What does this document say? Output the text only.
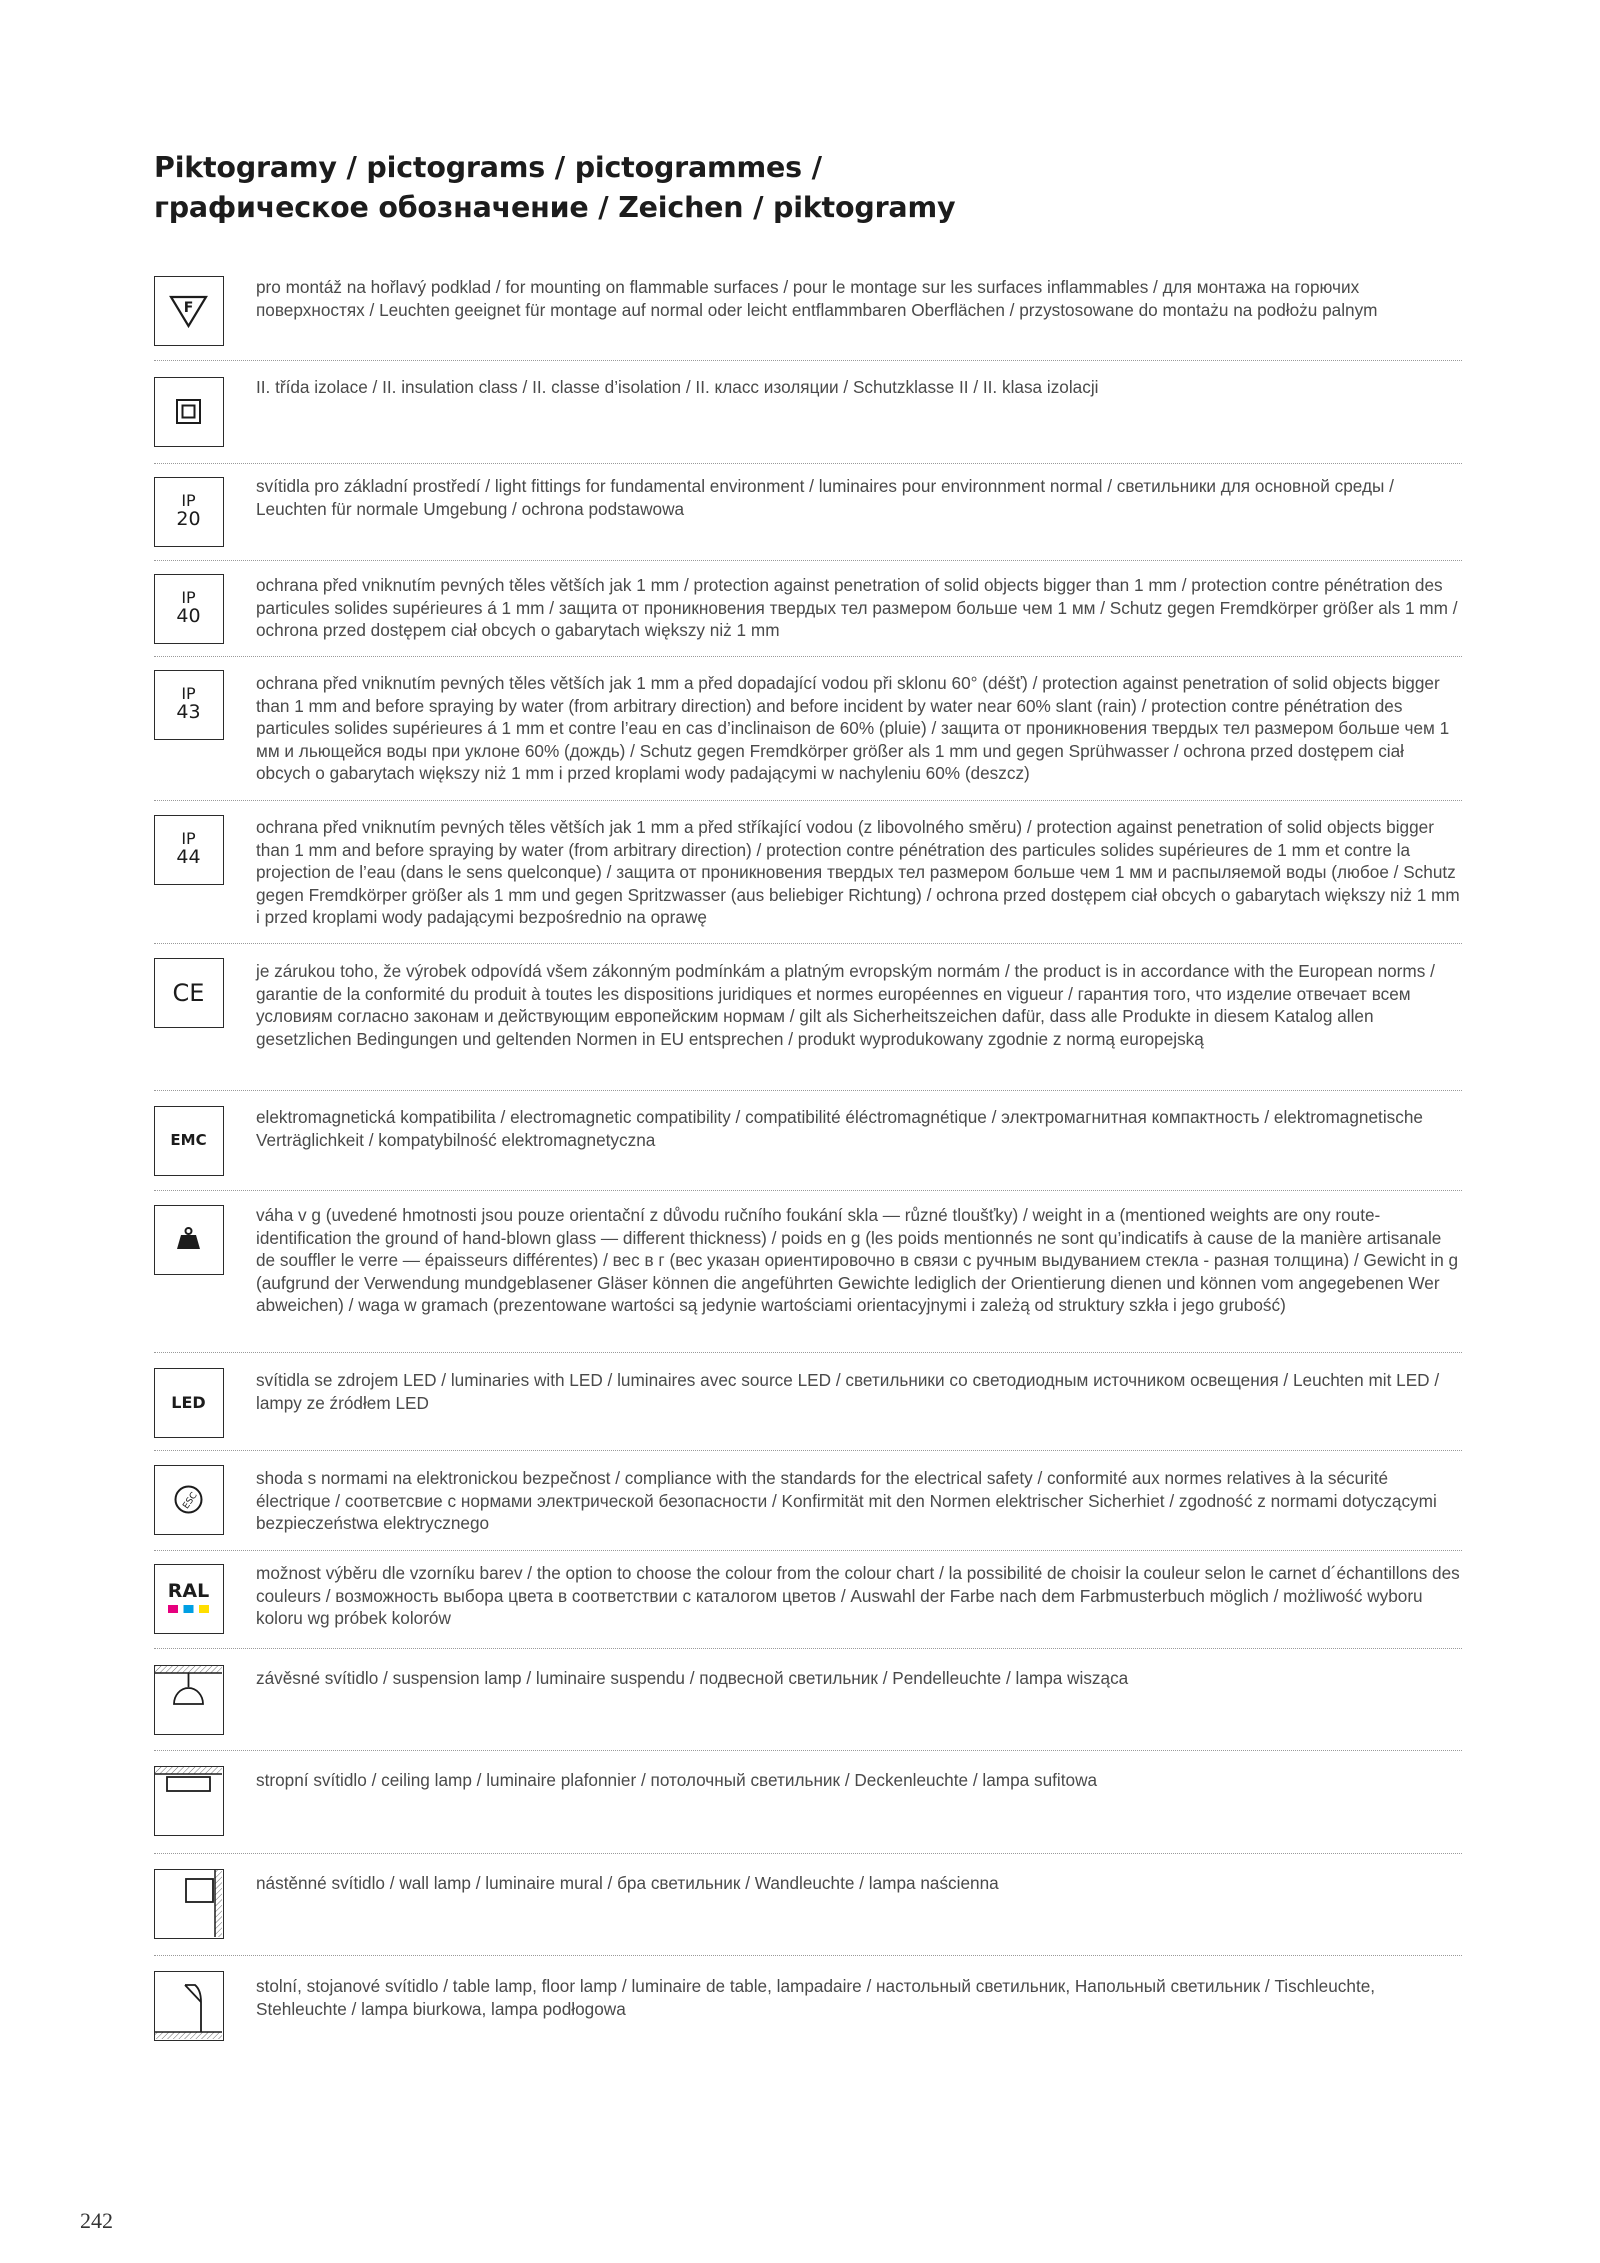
Piktogramy / pictograms / pictogrammes /
графическое обозначение / Zeichen / piktogramy
F

pro montáž na hořlavý podklad / for mounting on flammable surfaces / pour le montage sur les surfaces inflammables / для монтажа на горючих поверхностях / Leuchten geeignet für montage auf normal oder leicht entflammbaren Oberflächen / przystosowane do montażu na podłożu palnym

II. třída izolace / II. insulation class / II. classe d’isolation / II. класс изоляции / Schutzklasse II / II. klasa izolacji

IP
20

svítidla pro základní prostředí / light fittings for fundamental environment / luminaires pour environnment normal / светильники для основной среды / Leuchten für normale Umgebung / ochrona podstawowa

IP
40

ochrana před vniknutím pevných těles větších jak 1 mm / protection against penetration of solid objects bigger than 1 mm / protection contre pénétration des particules solides supérieures á 1 mm / защита от проникновения твердых тел размером больше чем 1 мм / Schutz gegen Fremdkörper größer als 1 mm / ochrona przed dostępem ciał obcych o gabarytach większy niż 1 mm

IP
43

ochrana před vniknutím pevných těles větších jak 1 mm a před dopadající vodou při sklonu 60° (déšť) / protection against penetration of solid objects bigger than 1 mm and before spraying by water (from arbitrary direction) and before incident by water near 60% slant (rain) / protection contre pénétration des particules solides supérieures á 1 mm et contre l’eau en cas d’inclinaison de 60% (pluie) / защита от проникновения твердых тел размером больше чем 1 мм и льющейся воды при уклоне 60% (дождь) / Schutz gegen Fremdkörper größer als 1 mm und gegen Sprühwasser / ochrona przed dostępem ciał obcych o gabarytach większy niż 1 mm i przed kroplami wody padającymi w nachyleniu 60% (deszcz)

IP
44

ochrana před vniknutím pevných těles větších jak 1 mm a před stříkající vodou (z libovolného směru) / protection against penetration of solid objects bigger than 1 mm and before spraying by water (from arbitrary direction) / protection contre pénétration des particules solides supérieures de 1 mm et contre la projection de l’eau (dans le sens quelconque) / защита от проникновения твердых тел размером больше чем 1 мм и распыляемой воды (любое / Schutz gegen Fremdkörper größer als 1 mm und gegen Spritzwasser (aus beliebiger Richtung) / ochrona przed dostępem ciał obcych o gabarytach większy niż 1 mm i przed kroplami wody padającymi bezpośrednio na oprawę

CE

je zárukou toho, že výrobek odpovídá všem zákonným podmínkám a platným evropským normám / the product is in accordance with the European norms / garantie de la conformité du produit à toutes les dispositions juridiques et normes européennes en vigueur / гарантия того, что изделие отвечает всем условиям согласно законам и действующим европейским нормам / gilt als Sicherheitszeichen dafür, dass alle Produkte in diesem Katalog allen gesetzlichen Bedingungen und geltenden Normen in EU entsprechen / produkt wyprodukowany zgodnie z normą europejską

EMC

elektromagnetická kompatibilita / electromagnetic compatibility / compatibilité éléctromagnétique / электромагнитная компактность / elektromagnetische Verträglichkeit / kompatybilność elektromagnetyczna

váha v g (uvedené hmotnosti jsou pouze orientační z důvodu ručního foukání skla — různé tloušťky) / weight in a (mentioned weights are ony route-identification the ground of hand-blown glass — different thickness) / poids en g (les poids mentionnés ne sont qu’indicatifs à cause de la manière artisanale de souffler le verre — épaisseurs différentes) / вес в г (вес указан ориентировочно в связи с ручным выдуванием стекла - разная толщина) / Gewicht in g (aufgrund der Verwendung mundgeblasener Gläser können die angeführten Gewichte lediglich der Orientierung dienen und können vom angegebenen Wer abweichen) / waga w gramach (prezentowane wartości są jedynie wartościami orientacyjnymi i zależą od struktury szkła i jego grubość)

LED

svítidla se zdrojem LED / luminaries with LED / luminaires avec source LED / светильники со светодиодным источником освещения / Leuchten mit LED / lampy ze źródłem LED

ESC

shoda s normami na elektronickou bezpečnost / compliance with the standards for the electrical safety / conformité aux normes relatives à la sécurité électrique / соответсвие с нормами электрической безопасности / Konfirmität mit den Normen elektrischer Sicherhiet / zgodność z normami dotyczącymi bezpieczeństwa elektrycznego

RAL

možnost výběru dle vzorníku barev / the option to choose the colour from the colour chart / la possibilité de choisir la couleur selon le carnet d´échantillons des couleurs / возможность выбора цвета в соответствии с каталогом цветов / Auswahl der Farbe nach dem Farbmusterbuch möglich / możliwość wyboru koloru wg próbek kolorów

závěsné svítidlo / suspension lamp / luminaire suspendu / подвесной светильник / Pendelleuchte / lampa wisząca

stropní svítidlo / ceiling lamp / luminaire plafonnier / потолочный светильник / Deckenleuchte / lampa sufitowa

nástěnné svítidlo / wall lamp / luminaire mural / бра светильник / Wandleuchte / lampa naścienna

stolní, stojanové svítidlo / table lamp, floor lamp / luminaire de table, lampadaire / настольный светильник, Напольный светильник / Tischleuchte, Stehleuchte / lampa biurkowa, lampa podłogowa

242
